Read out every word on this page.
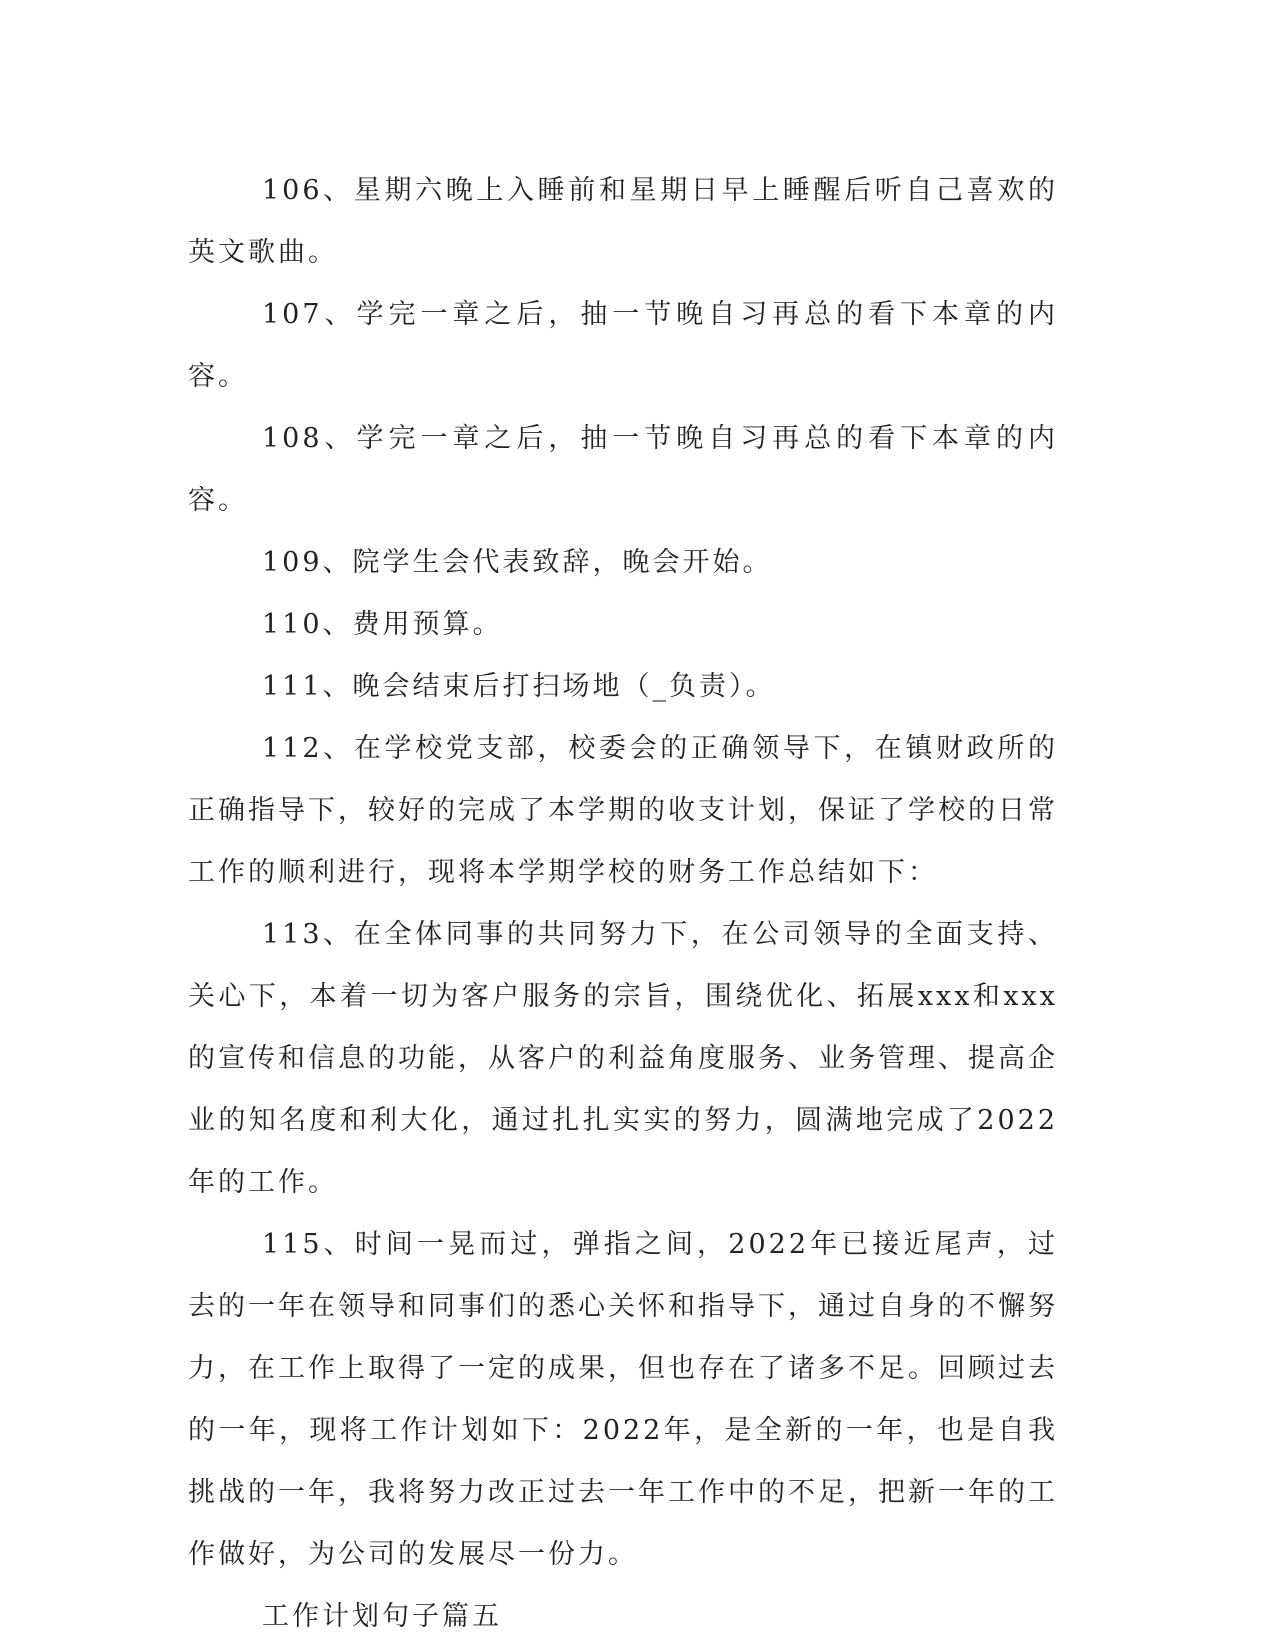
106、星期六晚上入睡前和星期日早上睡醒后听自己喜欢的英文歌曲。

107、学完一章之后，抽一节晚自习再总的看下本章的内容。

108、学完一章之后，抽一节晚自习再总的看下本章的内容。

109、院学生会代表致辞，晚会开始。

110、费用预算。

111、晚会结束后打扫场地（_负责）。

112、在学校党支部，校委会的正确领导下，在镇财政所的正确指导下，较好的完成了本学期的收支计划，保证了学校的日常工作的顺利进行，现将本学期学校的财务工作总结如下：

113、在全体同事的共同努力下，在公司领导的全面支持、关心下，本着一切为客户服务的宗旨，围绕优化、拓展xxx和xxx的宣传和信息的功能，从客户的利益角度服务、业务管理、提高企业的知名度和利大化，通过扎扎实实的努力，圆满地完成了2022年的工作。

115、时间一晃而过，弹指之间，2022年已接近尾声，过去的一年在领导和同事们的悉心关怀和指导下，通过自身的不懈努力，在工作上取得了一定的成果，但也存在了诸多不足。回顾过去的一年，现将工作计划如下：2022年，是全新的一年，也是自我挑战的一年，我将努力改正过去一年工作中的不足，把新一年的工作做好，为公司的发展尽一份力。

工作计划句子篇五
